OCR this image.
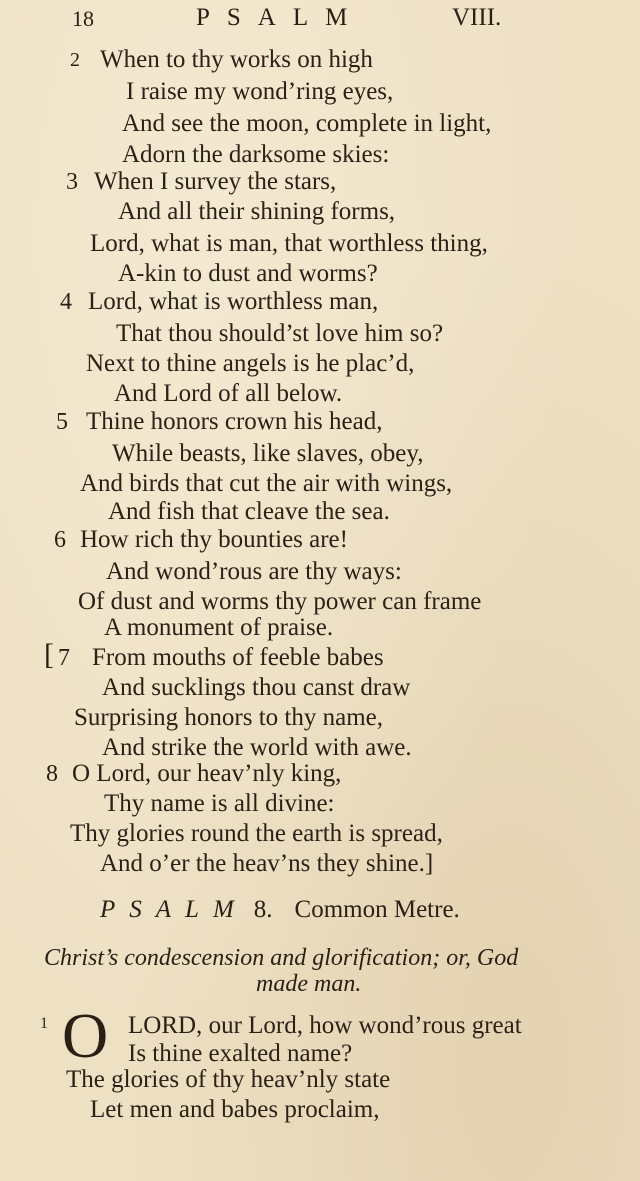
18	PSALM	VIII.
2 When to thy works on high
I raise my wond’ring eyes,
And see the moon, complete in light,
Adorn the darksome skies:
3 When I survey the stars,
And all their shining forms,
Lord, what is man, that worthless thing,
A-kin to dust and worms?
4 Lord, what is worthless man,
That thou should’st love him so?
Next to thine angels is he plac’d,
And Lord of all below.
5 Thine honors crown his head,
While beasts, like slaves, obey,
And birds that cut the air with wings,
And fish that cleave the sea.
6 How rich thy bounties are!
And wond’rous are thy ways:
Of dust and worms thy power can frame
A monument of praise.
[ 7 From mouths of feeble babes
And sucklings thou canst draw
Surprising honors to thy name,
And strike the world with awe.
8 O Lord, our heav’nly king,
Thy name is all divine:
Thy glories round the earth is spread,
And o’er the heav’ns they shine.]
PSALM 8. Common Metre.
Christ’s condescension and glorification; or, God
made man.
1 O LORD, our Lord, how wond’rous great
Is thine exalted name?
The glories of thy heav’nly state
Let men and babes proclaim,
